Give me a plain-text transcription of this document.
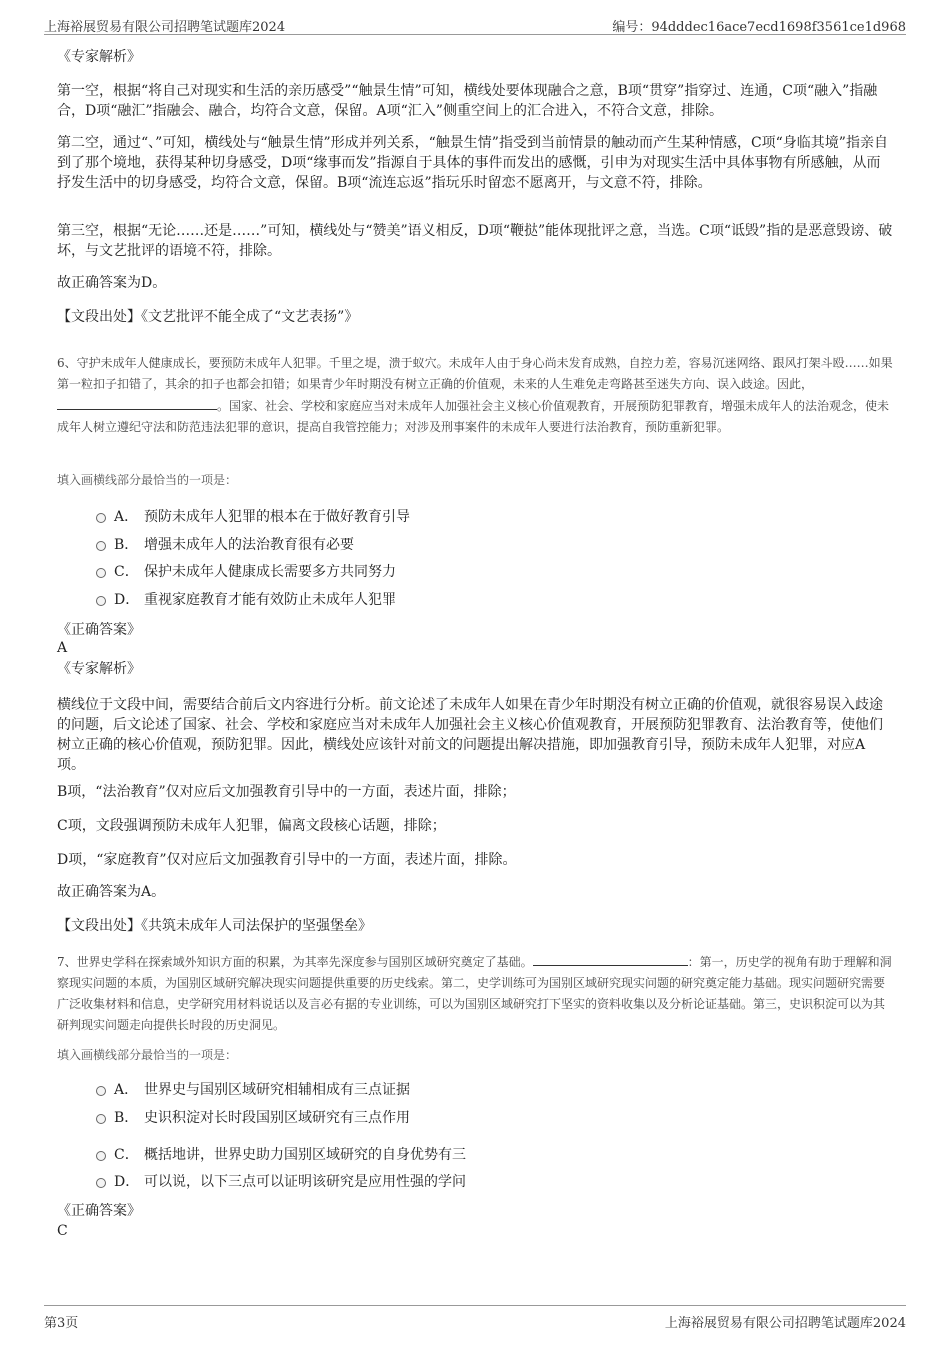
上海裕展贸易有限公司招聘笔试题库2024	编号：94dddec16ace7ecd1698f3561ce1d968
《专家解析》
第一空，根据“将自己对现实和生活的亲历感受”“触景生情”可知，横线处要体现融合之意，B项“贯穿”指穿过、连通，C项“融入”指融合，D项“融汇”指融会、融合，均符合文意，保留。A项“汇入”侧重空间上的汇合进入，不符合文意，排除。
第二空，通过“、”可知，横线处与“触景生情”形成并列关系，“触景生情”指受到当前情景的触动而产生某种情感，C项“身临其境”指亲自到了那个境地，获得某种切身感受，D项“缘事而发”指源自于具体的事件而发出的感慨，引申为对现实生活中具体事物有所感触，从而抒发生活中的切身感受，均符合文意，保留。B项“流连忘返”指玩乐时留恋不愿离开，与文意不符，排除。
第三空，根据“无论……还是……”可知，横线处与“赞美”语义相反，D项“鞭挞”能体现批评之意，当选。C项“诋毁”指的是恶意毁谤、破坏，与文艺批评的语境不符，排除。
故正确答案为D。
【文段出处】《文艺批评不能全成了“文艺表扬”》
6、守护未成年人健康成长，要预防未成年人犯罪。千里之堤，溃于蚁穴。未成年人由于身心尚未发育成熟，自控力差，容易沉迷网络、跟风打架斗殴……如果第一粒扣子扣错了，其余的扣子也都会扣错；如果青少年时期没有树立正确的价值观，未来的人生难免走弯路甚至迷失方向、误入歧途。因此，。国家、社会、学校和家庭应当对未成年人加强社会主义核心价值观教育，开展预防犯罪教育，增强未成年人的法治观念，使未成年人树立遵纪守法和防范违法犯罪的意识，提高自我管控能力；对涉及刑事案件的未成年人要进行法治教育，预防重新犯罪。
填入画横线部分最恰当的一项是：
A． 预防未成年人犯罪的根本在于做好教育引导
B． 增强未成年人的法治教育很有必要
C． 保护未成年人健康成长需要多方共同努力
D． 重视家庭教育才能有效防止未成年人犯罪
《正确答案》
A
《专家解析》
横线位于文段中间，需要结合前后文内容进行分析。前文论述了未成年人如果在青少年时期没有树立正确的价值观，就很容易误入歧途的问题，后文论述了国家、社会、学校和家庭应当对未成年人加强社会主义核心价值观教育，开展预防犯罪教育、法治教育等，使他们树立正确的核心价值观，预防犯罪。因此，横线处应该针对前文的问题提出解决措施，即加强教育引导，预防未成年人犯罪，对应A项。
B项，“法治教育”仅对应后文加强教育引导中的一方面，表述片面，排除；
C项，文段强调预防未成年人犯罪，偏离文段核心话题，排除；
D项，“家庭教育”仅对应后文加强教育引导中的一方面，表述片面，排除。
故正确答案为A。
【文段出处】《共筑未成年人司法保护的坚强堡垒》
7、世界史学科在探索域外知识方面的积累，为其率先深度参与国别区域研究奠定了基础。	：第一，历史学的视角有助于理解和洞察现实问题的本质，为国别区域研究解决现实问题提供重要的历史线索。第二，史学训练可为国别区域研究现实问题的研究奠定能力基础。现实问题研究需要广泛收集材料和信息，史学研究用材料说话以及言必有据的专业训练，可以为国别区域研究打下坚实的资料收集以及分析论证基础。第三，史识积淀可以为其研判现实问题走向提供长时段的历史洞见。
填入画横线部分最恰当的一项是：
A． 世界史与国别区域研究相辅相成有三点证据
B． 史识积淀对长时段国别区域研究有三点作用
C． 概括地讲，世界史助力国别区域研究的自身优势有三
D． 可以说，以下三点可以证明该研究是应用性强的学问
《正确答案》
C
第3页	上海裕展贸易有限公司招聘笔试题库2024
